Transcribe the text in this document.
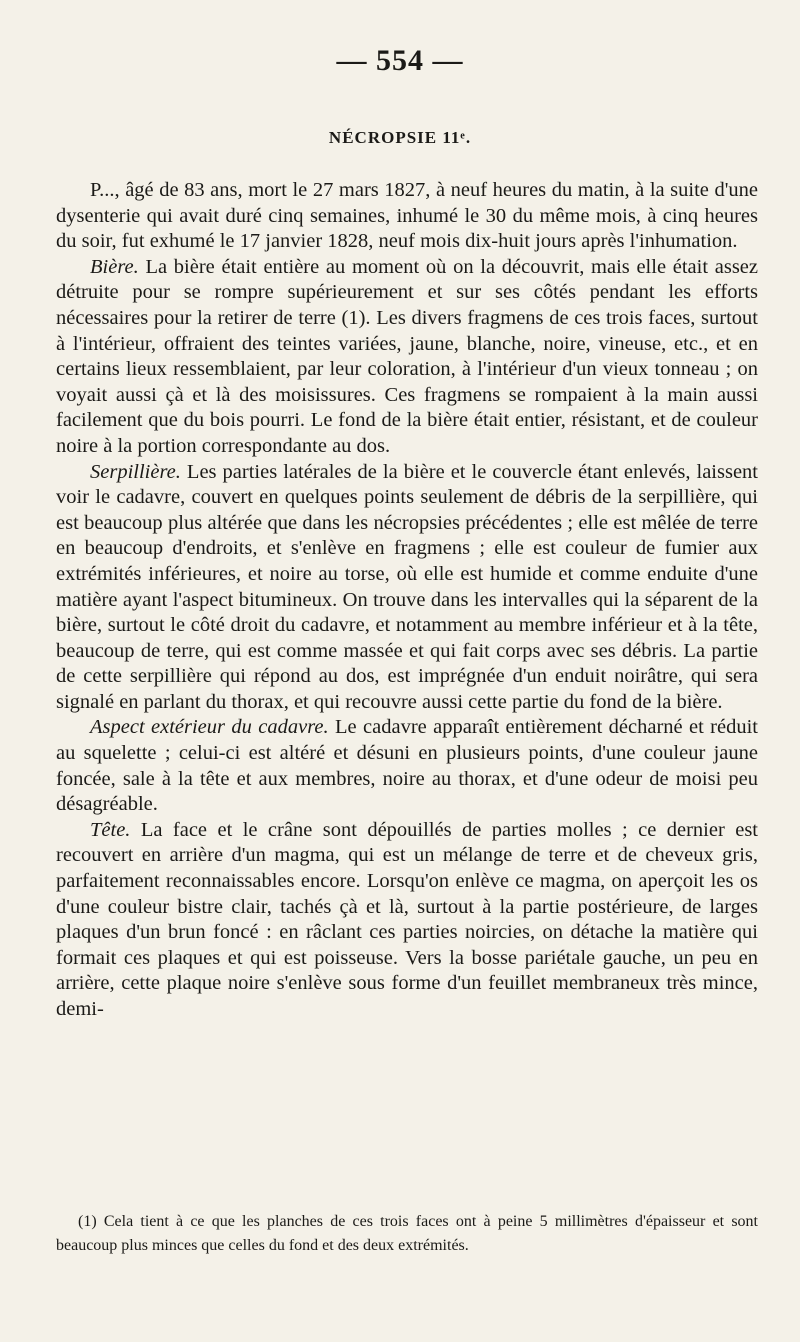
— 554 —
NÉCROPSIE 11ᵉ.

P..., âgé de 83 ans, mort le 27 mars 1827, à neuf heures du matin, à la suite d'une dysenterie qui avait duré cinq semaines, inhumé le 30 du même mois, à cinq heures du soir, fut exhumé le 17 janvier 1828, neuf mois dix-huit jours après l'inhumation.

Bière. La bière était entière au moment où on la découvrit, mais elle était assez détruite pour se rompre supérieurement et sur ses côtés pendant les efforts nécessaires pour la retirer de terre (1). Les divers fragmens de ces trois faces, surtout à l'intérieur, offraient des teintes variées, jaune, blanche, noire, vineuse, etc., et en certains lieux ressemblaient, par leur coloration, à l'intérieur d'un vieux tonneau ; on voyait aussi çà et là des moisissures. Ces fragmens se rompaient à la main aussi facilement que du bois pourri. Le fond de la bière était entier, résistant, et de couleur noire à la portion correspondante au dos.

Serpillière. Les parties latérales de la bière et le couvercle étant enlevés, laissent voir le cadavre, couvert en quelques points seulement de débris de la serpillière, qui est beaucoup plus altérée que dans les nécropsies précédentes ; elle est mêlée de terre en beaucoup d'endroits, et s'enlève en fragmens ; elle est couleur de fumier aux extrémités inférieures, et noire au torse, où elle est humide et comme enduite d'une matière ayant l'aspect bitumineux. On trouve dans les intervalles qui la séparent de la bière, surtout le côté droit du cadavre, et notamment au membre inférieur et à la tête, beaucoup de terre, qui est comme massée et qui fait corps avec ses débris. La partie de cette serpillière qui répond au dos, est imprégnée d'un enduit noirâtre, qui sera signalé en parlant du thorax, et qui recouvre aussi cette partie du fond de la bière.

Aspect extérieur du cadavre. Le cadavre apparaît entièrement décharné et réduit au squelette ; celui-ci est altéré et désuni en plusieurs points, d'une couleur jaune foncée, sale à la tête et aux membres, noire au thorax, et d'une odeur de moisi peu désagréable.

Tête. La face et le crâne sont dépouillés de parties molles ; ce dernier est recouvert en arrière d'un magma, qui est un mélange de terre et de cheveux gris, parfaitement reconnaissables encore. Lorsqu'on enlève ce magma, on aperçoit les os d'une couleur bistre clair, tachés çà et là, surtout à la partie postérieure, de larges plaques d'un brun foncé : en râclant ces parties noircies, on détache la matière qui formait ces plaques et qui est poisseuse. Vers la bosse pariétale gauche, un peu en arrière, cette plaque noire s'enlève sous forme d'un feuillet membraneux très mince, demi-

(1) Cela tient à ce que les planches de ces trois faces ont à peine 5 millimètres d'épaisseur et sont beaucoup plus minces que celles du fond et des deux extrémités.
